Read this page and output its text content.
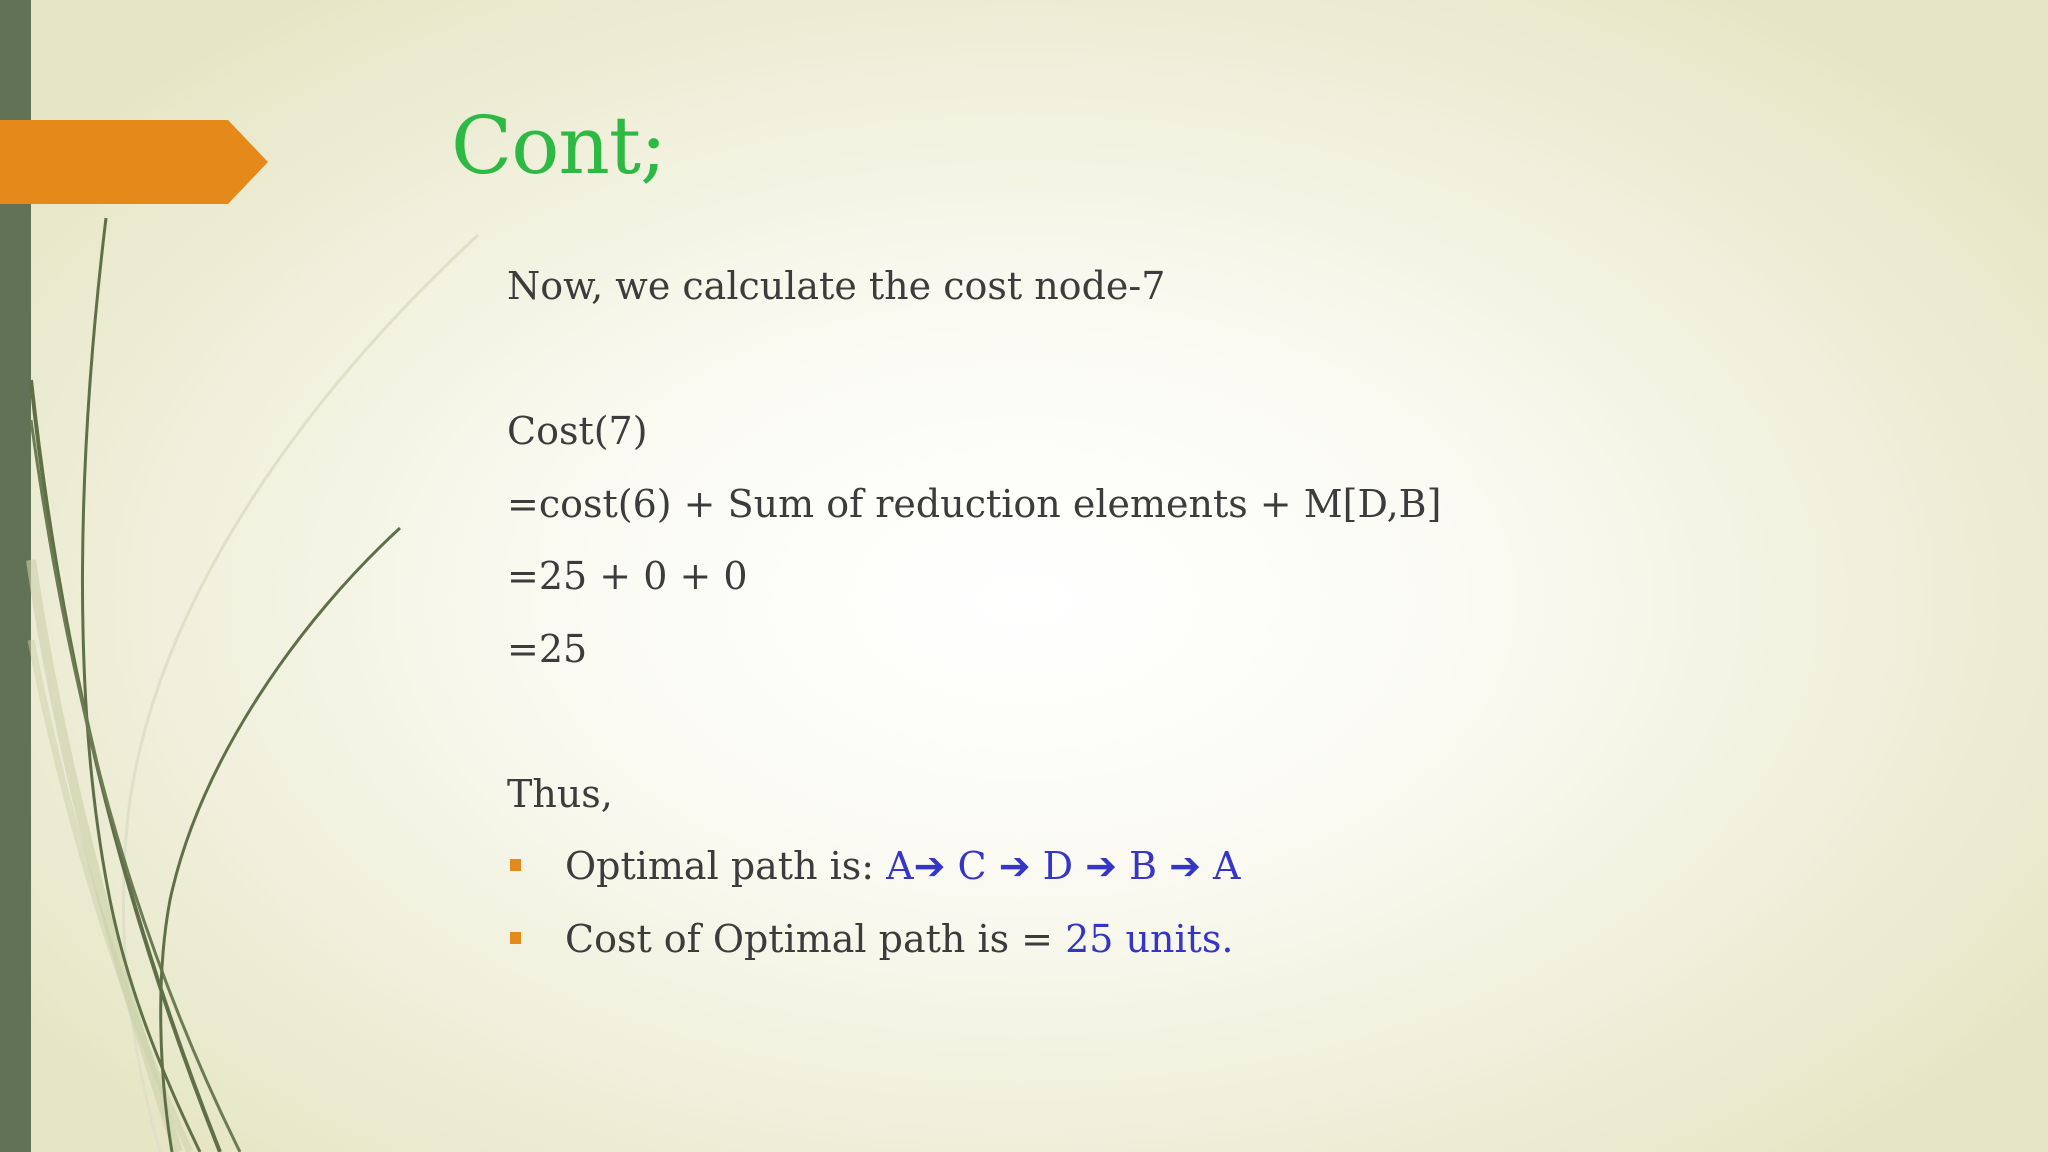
Cont;
Now, we calculate the cost node-7
Cost(7)
=cost(6) + Sum of reduction elements + M[D,B]
=25 + 0 + 0
=25
Thus,
Optimal path is: A➔ C ➔ D ➔ B ➔ A
Cost of Optimal path is = 25 units.
